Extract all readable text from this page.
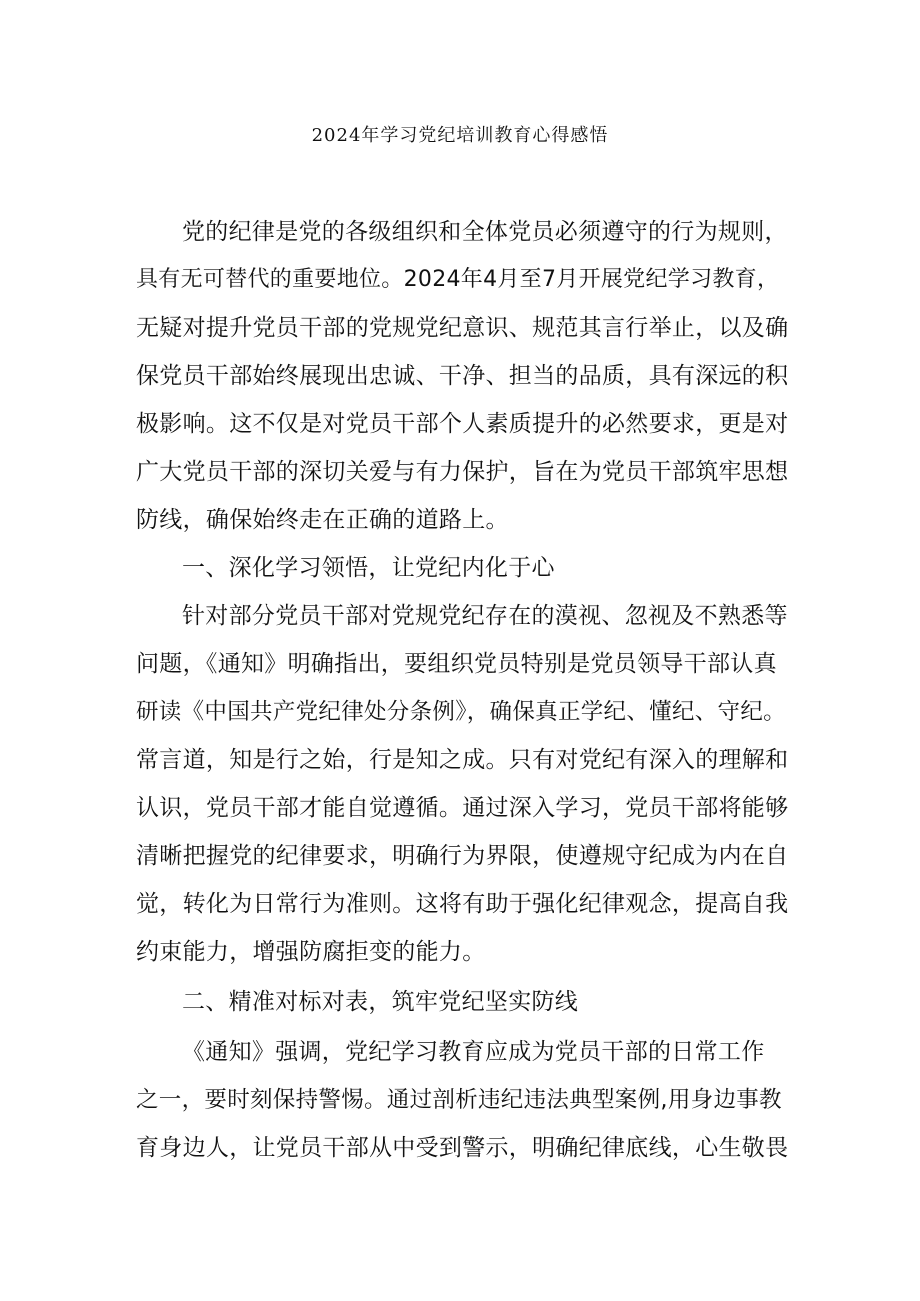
2024年学习党纪培训教育心得感悟
党的纪律是党的各级组织和全体党员必须遵守的行为规则，
具有无可替代的重要地位。2024年4月至7月开展党纪学习教育，
无疑对提升党员干部的党规党纪意识、规范其言行举止，以及确
保党员干部始终展现出忠诚、干净、担当的品质，具有深远的积
极影响。这不仅是对党员干部个人素质提升的必然要求，更是对
广大党员干部的深切关爱与有力保护，旨在为党员干部筑牢思想
防线，确保始终走在正确的道路上。
一、深化学习领悟，让党纪内化于心
针对部分党员干部对党规党纪存在的漠视、忽视及不熟悉等
问题，《通知》明确指出，要组织党员特别是党员领导干部认真
研读《中国共产党纪律处分条例》，确保真正学纪、懂纪、守纪。
常言道，知是行之始，行是知之成。只有对党纪有深入的理解和
认识，党员干部才能自觉遵循。通过深入学习，党员干部将能够
清晰把握党的纪律要求，明确行为界限，使遵规守纪成为内在自
觉，转化为日常行为准则。这将有助于强化纪律观念，提高自我
约束能力，增强防腐拒变的能力。
二、精准对标对表，筑牢党纪坚实防线
《通知》强调，党纪学习教育应成为党员干部的日常工作
之一，要时刻保持警惕。通过剖析违纪违法典型案例,用身边事教
育身边人，让党员干部从中受到警示，明确纪律底线，心生敬畏
